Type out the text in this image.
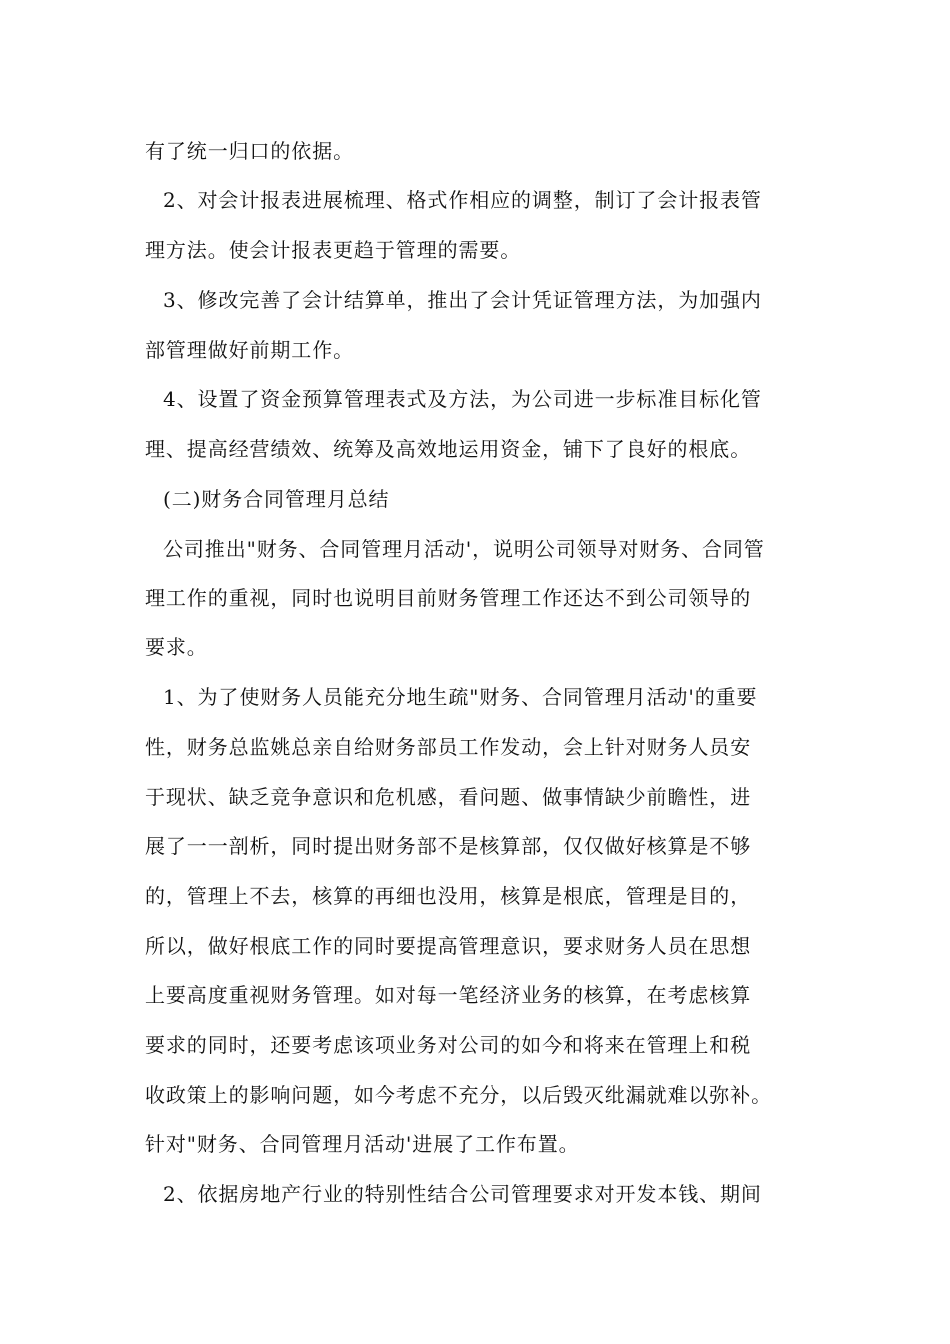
有了统一归口的依据。
2、对会计报表进展梳理、格式作相应的调整，制订了会计报表管
理方法。使会计报表更趋于管理的需要。
3、修改完善了会计结算单，推出了会计凭证管理方法，为加强内
部管理做好前期工作。
4、设置了资金预算管理表式及方法，为公司进一步标准目标化管
理、提高经营绩效、统筹及高效地运用资金，铺下了良好的根底。
(二)财务合同管理月总结
公司推出"财务、合同管理月活动'，说明公司领导对财务、合同管
理工作的重视，同时也说明目前财务管理工作还达不到公司领导的
要求。
1、为了使财务人员能充分地生疏"财务、合同管理月活动'的重要
性，财务总监姚总亲自给财务部员工作发动，会上针对财务人员安
于现状、缺乏竞争意识和危机感，看问题、做事情缺少前瞻性，进
展了一一剖析，同时提出财务部不是核算部，仅仅做好核算是不够
的，管理上不去，核算的再细也没用，核算是根底，管理是目的，
所以，做好根底工作的同时要提高管理意识，要求财务人员在思想
上要高度重视财务管理。如对每一笔经济业务的核算，在考虑核算
要求的同时，还要考虑该项业务对公司的如今和将来在管理上和税
收政策上的影响问题，如今考虑不充分，以后毁灭纰漏就难以弥补。
针对"财务、合同管理月活动'进展了工作布置。
2、依据房地产行业的特别性结合公司管理要求对开发本钱、期间
